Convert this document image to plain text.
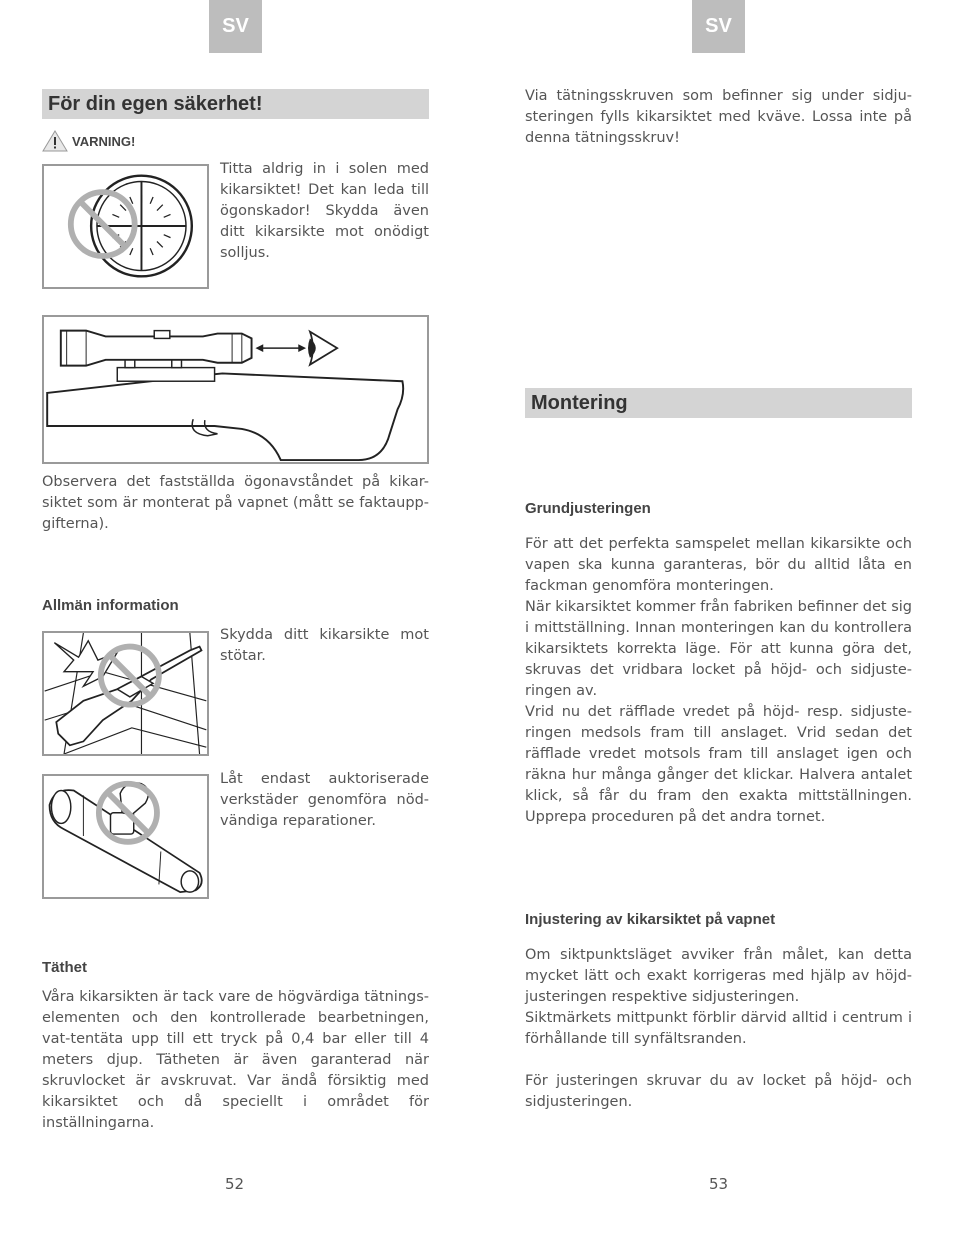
SV
För din egen säkerhet!
VARNING!
Titta aldrig in i solen med kikarsiktet! Det kan leda till ögonskador! Skydda även ditt kikarsikte mot onödigt solljus.
Observera det fastställda ögonavståndet på kikar-siktet som är monterat på vapnet (mått se faktaupp-gifterna).
Allmän information
Skydda ditt kikarsikte mot stötar.
Låt endast auktoriserade verkstäder genomföra nöd-vändiga reparationer.
Täthet
Våra kikarsikten är tack vare de högvärdiga tätnings-elementen och den kontrollerade bearbetningen, vat-tentäta upp till ett tryck på 0,4 bar eller till 4 meters djup. Tätheten är även garanterad när skruvlocket är avskruvat. Var ändå försiktig med kikarsiktet och då speciellt i området för inställningarna.
52
SV
Via tätningsskruven som befinner sig under sidju-steringen fylls kikarsiktet med kväve. Lossa inte på denna tätningsskruv!
Montering
Grundjusteringen

För att det perfekta samspelet mellan kikarsikte och vapen ska kunna garanteras, bör du alltid låta en fackman genomföra monteringen.

När kikarsiktet kommer från fabriken befinner det sig i mittställning. Innan monteringen kan du kontrollera kikarsiktets korrekta läge. För att kunna göra det, skruvas det vridbara locket på höjd- och sidjuste-ringen av.

Vrid nu det räfflade vredet på höjd- resp. sidjuste-ringen medsols fram till anslaget. Vrid sedan det räfflade vredet motsols fram till anslaget igen och räkna hur många gånger det klickar. Halvera antalet klick, så får du fram den exakta mittställningen. Upprepa proceduren på det andra tornet.

Injustering av kikarsiktet på vapnet

Om siktpunktsläget avviker från målet, kan detta mycket lätt och exakt korrigeras med hjälp av höjd-justeringen respektive sidjusteringen.

Siktmärkets mittpunkt förblir därvid alltid i centrum i förhållande till synfältsranden.

För justeringen skruvar du av locket på höjd- och sidjusteringen.

53
